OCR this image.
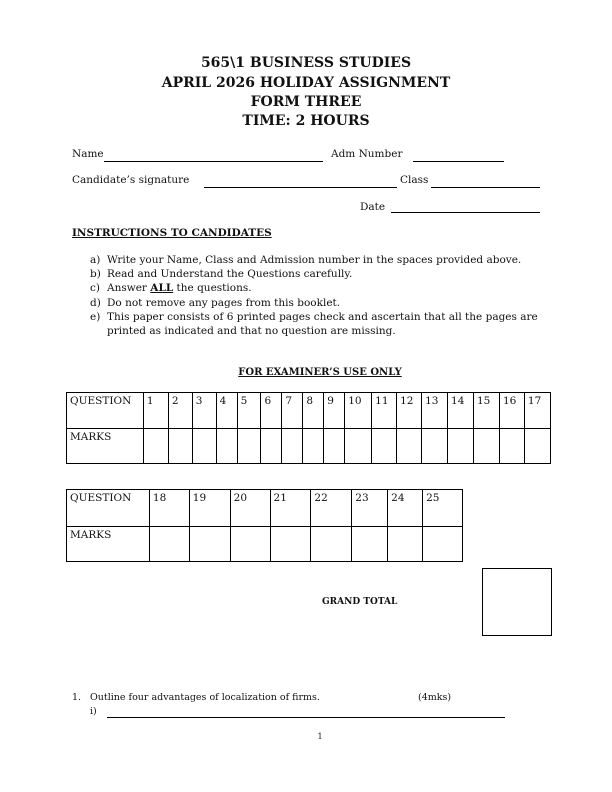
565\1 BUSINESS STUDIES
APRIL 2026 HOLIDAY ASSIGNMENT
FORM THREE
TIME: 2 HOURS
Name	Adm Number
Candidate’s signature	Class
Date
INSTRUCTIONS TO CANDIDATES
a) Write your Name, Class and Admission number in the spaces provided above.
b) Read and Understand the Questions carefully.
c) Answer ALL the questions.
d) Do not remove any pages from this booklet.
e) This paper consists of 6 printed pages check and ascertain that all the pages are printed as indicated and that no question are missing.
FOR EXAMINER’S USE ONLY
QUESTION	1	2	3	4	5	6	7	8	9	10	11	12	13	14	15	16	17
MARKS																	
QUESTION	18	19	20	21	22	23	24	25
MARKS								
GRAND TOTAL
1. Outline four advantages of localization of firms.	(4mks)
i)
1
